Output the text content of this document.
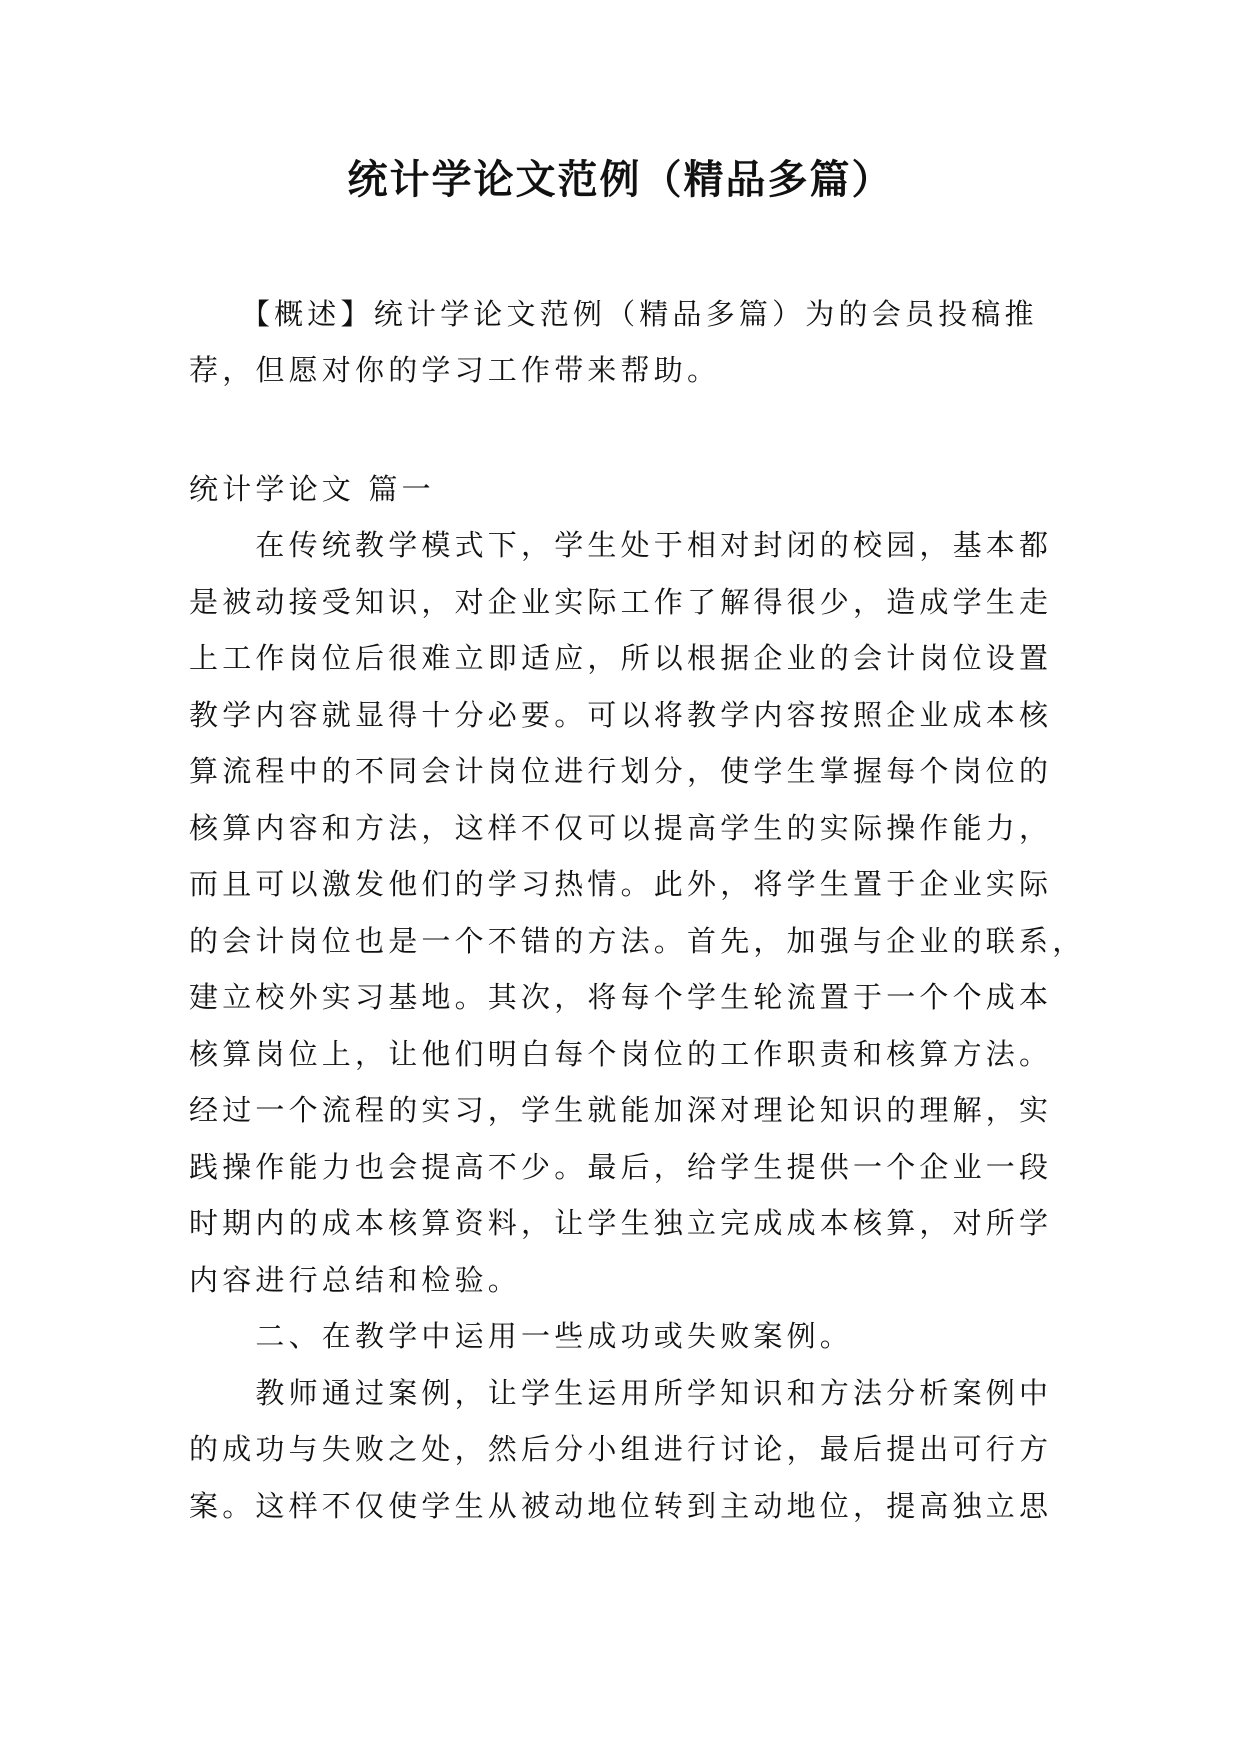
统计学论文范例（精品多篇）
　　【概述】统计学论文范例（精品多篇）为的会员投稿推
荐，但愿对你的学习工作带来帮助。
统计学论文 篇一
　　在传统教学模式下，学生处于相对封闭的校园，基本都
是被动接受知识，对企业实际工作了解得很少，造成学生走
上工作岗位后很难立即适应，所以根据企业的会计岗位设置
教学内容就显得十分必要。可以将教学内容按照企业成本核
算流程中的不同会计岗位进行划分，使学生掌握每个岗位的
核算内容和方法，这样不仅可以提高学生的实际操作能力，
而且可以激发他们的学习热情。此外，将学生置于企业实际
的会计岗位也是一个不错的方法。首先，加强与企业的联系，
建立校外实习基地。其次，将每个学生轮流置于一个个成本
核算岗位上，让他们明白每个岗位的工作职责和核算方法。
经过一个流程的实习，学生就能加深对理论知识的理解，实
践操作能力也会提高不少。最后，给学生提供一个企业一段
时期内的成本核算资料，让学生独立完成成本核算，对所学
内容进行总结和检验。
　　二、在教学中运用一些成功或失败案例。
　　教师通过案例，让学生运用所学知识和方法分析案例中
的成功与失败之处，然后分小组进行讨论，最后提出可行方
案。这样不仅使学生从被动地位转到主动地位，提高独立思
